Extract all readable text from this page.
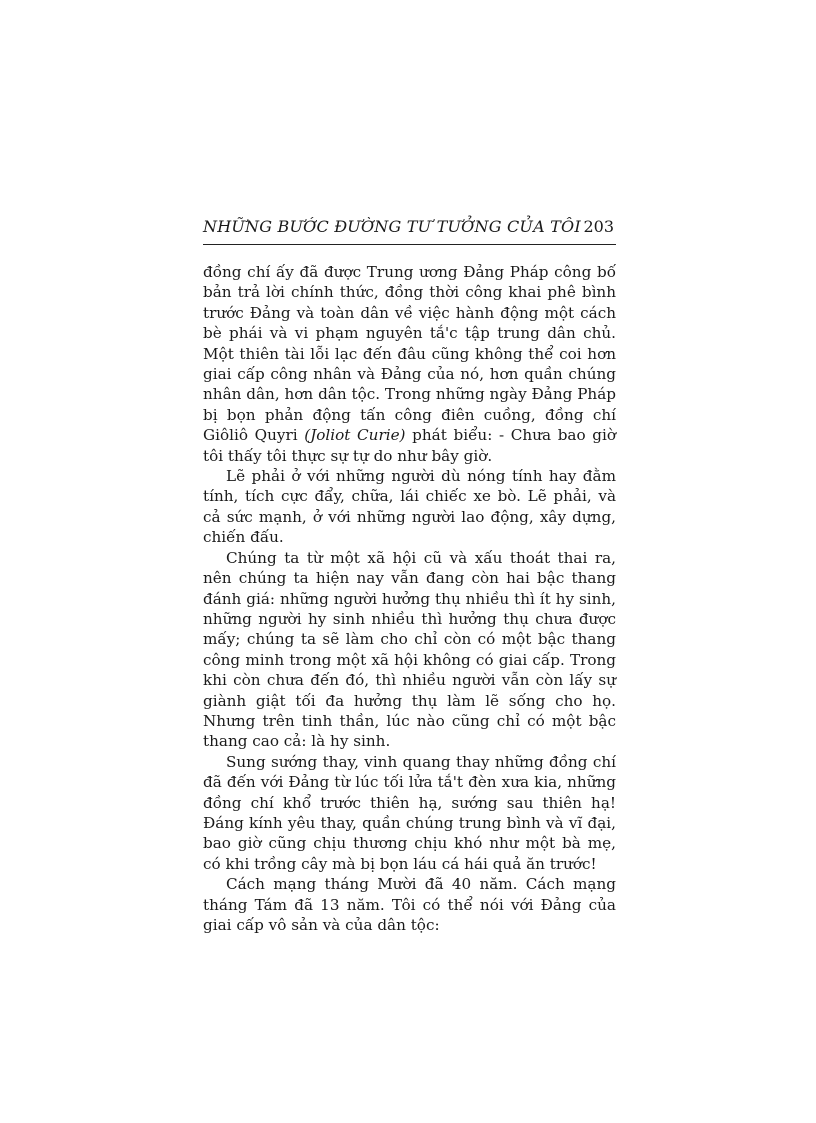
NHỮNG BƯỚC ĐƯỜNG TƯ TƯỞNG CỦA TÔI 203

đồng chí ấy đã được Trung ương Đảng Pháp công bố bản trả lời chính thức, đồng thời công khai phê bình trước Đảng và toàn dân về việc hành động một cách bè phái và vi phạm nguyên tắ'c tập trung dân chủ. Một thiên tài lỗi lạc đến đâu cũng không thể coi hơn giai cấp công nhân và Đảng của nó, hơn quần chúng nhân dân, hơn dân tộc. Trong những ngày Đảng Pháp bị bọn phản động tấn công điên cuồng, đồng chí Giôliô Quyri (Joliot Curie) phát biểu: - Chưa bao giờ tôi thấy tôi thực sự tự do như bây giờ.

Lẽ phải ở với những người dù nóng tính hay đằm tính, tích cực đẩy, chữa, lái chiếc xe bò. Lẽ phải, và cả sức mạnh, ở với những người lao động, xây dựng, chiến đấu.

Chúng ta từ một xã hội cũ và xấu thoát thai ra, nên chúng ta hiện nay vẫn đang còn hai bậc thang đánh giá: những người hưởng thụ nhiều thì ít hy sinh, những người hy sinh nhiều thì hưởng thụ chưa được mấy; chúng ta sẽ làm cho chỉ còn có một bậc thang công minh trong một xã hội không có giai cấp. Trong khi còn chưa đến đó, thì nhiều người vẫn còn lấy sự giành giật tối đa hưởng thụ làm lẽ sống cho họ. Nhưng trên tinh thần, lúc nào cũng chỉ có một bậc thang cao cả: là hy sinh.

Sung sướng thay, vinh quang thay những đồng chí đã đến với Đảng từ lúc tối lửa tắ't đèn xưa kia, những đồng chí khổ trước thiên hạ, sướng sau thiên hạ! Đáng kính yêu thay, quần chúng trung bình và vĩ đại, bao giờ cũng chịu thương chịu khó như một bà mẹ, có khi trồng cây mà bị bọn láu cá hái quả ăn trước!

Cách mạng tháng Mười đã 40 năm. Cách mạng tháng Tám đã 13 năm. Tôi có thể nói với Đảng của giai cấp vô sản và của dân tộc:
